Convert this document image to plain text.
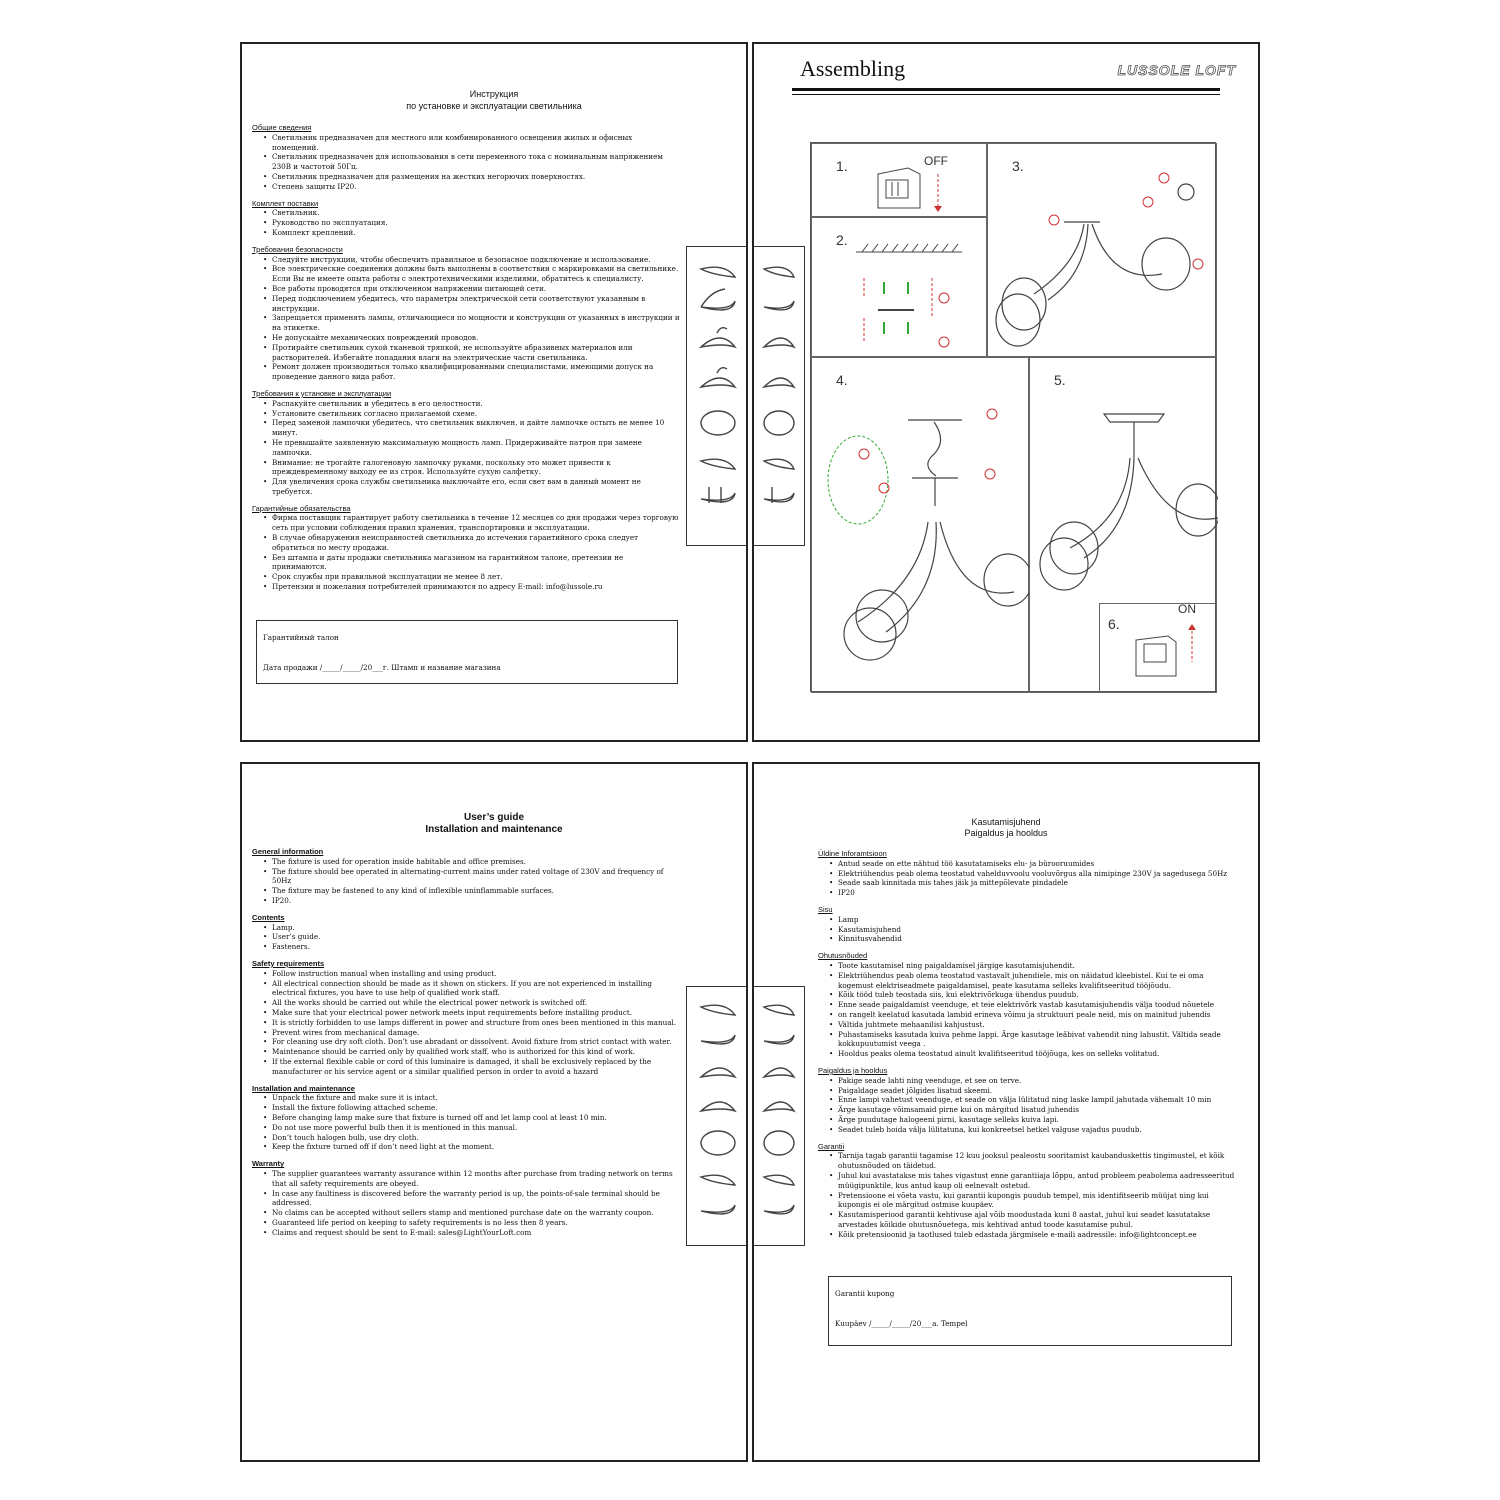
Инструкция
по установке и эксплуатации светильника
Общие сведения
• Светильник предназначен для местного или комбинированного освещения жилых и офисных помещений.
• Светильник предназначен для использования в сети переменного тока с номинальным напряжением 230В и частотой 50Гц.
• Светильник предназначен для размещения на жестких негорючих поверхностях.
• Степень защиты IP20.
Комплект поставки
• Светильник.
• Руководство по эксплуатация.
• Комплект креплений.
Требования безопасности
• Следуйте инструкции, чтобы обеспечить правильное и безопасное подключение и использование.
• Все электрические соединения должны быть выполнены в соответствии с маркировками на светильнике. Если Вы не имеете опыта работы с электротехническими изделиями, обратитесь к специалисту.
• Все работы проводятся при отключенном напряжении питающей сети.
• Перед подключением убедитесь, что параметры электрической сети соответствуют указанным в инструкции.
• Запрещается применять лампы, отличающиеся по мощности и конструкции от указанных в инструкции и на этикетке.
• Не допускайте механических повреждений проводов.
• Протирайте светильник сухой тканевой тряпкой, не используйте абразивных материалов или растворителей. Избегайте попадания влаги на электрические части светильника.
• Ремонт должен производиться только квалифицированными специалистами, имеющими допуск на проведение данного вида работ.
Требования к установке и эксплуатации
• Распакуйте светильник и убедитесь в его целостности.
• Установите светильник согласно прилагаемой схеме.
• Перед заменой лампочки убедитесь, что светильник выключен, и дайте лампочке остыть не менее 10 минут.
• Не превышайте заявленную максимальную мощность ламп. Придерживайте патрон при замене лампочки.
• Внимание: не трогайте галогеновую лампочку руками, поскольку это может привести к преждевременному выходу ее из строя. Используйте сухую салфетку.
• Для увеличения срока службы светильника выключайте его, если свет вам в данный момент не требуется.
Гарантийные обязательства
• Фирма поставщик гарантирует работу светильника в течение 12 месяцев со дня продажи через торговую сеть при условии соблюдения правил хранения, транспортировки и эксплуатации.
• В случае обнаружения неисправностей светильника до истечения гарантийного срока следует обратиться по месту продажи.
• Без штампа и даты продажи светильника магазином на гарантийном талоне, претензии не принимаются.
• Срок службы при правильной эксплуатации не менее 8 лет.
• Претензии и пожелания потребителей принимаются по адресу E-mail: info@lussole.ru
Гарантийный талон
Дата продажи /_____/_____/20___г. Штамп и название магазина
Assembling	LUSSOLE LOFT
1.	OFF
2.
3.
4.	5.
6.
ON
User’s guide
Installation and maintenance
General information
• The fixture is used for operation inside habitable and office premises.
• The fixture should bee operated in alternating-current mains under rated voltage of 230V and frequency of 50Hz
• The fixture may be fastened to any kind of inflexible uninflammable surfaces.
• IP20.
Contents
• Lamp.
• User’s guide.
• Fasteners.
Safety requirements
• Follow instruction manual when installing and using product.
• All electrical connection should be made as it shown on stickers. If you are not experienced in installing electrical fixtures, you have to use help of qualified work staff.
• All the works should be carried out while the electrical power network is switched off.
• Make sure that your electrical power network meets input requirements before installing product.
• It is strictly forbidden to use lamps different in power and structure from ones been mentioned in this manual.
• Prevent wires from mechanical damage.
• For cleaning use dry soft cloth. Don’t use abradant or dissolvent. Avoid fixture from strict contact with water.
• Maintenance should be carried only by qualified work staff, who is authorized for this kind of work.
• If the external flexible cable or cord of this luminaire is damaged, it shall be exclusively replaced by the manufacturer or his service agent or a similar qualified person in order to avoid a hazard
Installation and maintenance
• Unpack the fixture and make sure it is intact.
• Install the fixture following attached scheme.
• Before changing lamp make sure that fixture is turned off and let lamp cool at least 10 min.
• Do not use more powerful bulb then it is mentioned in this manual.
• Don’t touch halogen bulb, use dry cloth.
• Keep the fixture turned off if don’t need light at the moment.
Warranty
• The supplier guarantees warranty assurance within 12 months after purchase from trading network on terms that all safety requirements are obeyed.
• In case any faultiness is discovered before the warranty period is up, the points-of-sale terminal should be addressed.
• No claims can be accepted without sellers stamp and mentioned purchase date on the warranty coupon.
• Guaranteed life period on keeping to safety requirements is no less then 8 years.
• Claims and request should be sent to E-mail: sales@LightYourLoft.com
Kasutamisjuhend
Paigaldus ja hooldus
Üldine Inforamtsioon
• Antud seade on ette nähtud töö kasutatamiseks elu- ja bürooruumides
• Elektriühendus peab olema teostatud vahelduvvoolu vooluvõrgus alla nimipinge 230V ja sagedusega 50Hz
• Seade saab kinnitada mis tahes jäik ja mittepõlevate pindadele
• IP20
Sisu
• Lamp
• Kasutamisjuhend
• Kinnitusvahendid
Ohutusnõuded
• Toote kasutamisel ning paigaldamisel järgige kasutamisjuhendit.
• Elektriühendus peab olema teostatud vastavalt juhendiele, mis on näidatud kleebistel. Kui te ei oma kogemust elektriseadmete paigaldamisel, peate kasutama selleks kvalifitseeritud tööjõudu.
• Kõik tööd tuleb teostada siis, kui elektrivõrkuga ühendus puudub.
• Enne seade paigaldamist veenduge, et teie elektrivõrk vastab kasutamisjuhendis välja toodud nõuetele
• on rangelt keelatud kasutada lambid erineva võimu ja struktuuri peale neid, mis on mainitud juhendis
• Vältida juhtmete mehaanilisi kahjustust.
• Puhastamiseks kasutada kuiva pehme lappi. Ärge kasutage lea̋bivat vahendit ning lahustit. Vältida seade kokkupuutumist veega .
• Hooldus peaks olema teostatud ainult kvalifitseeritud tööjõuga, kes on selleks volitatud.
Paigaldus ja hooldus
• Pakige seade lahti ning veenduge, et see on terve.
• Paigaldage seadet jõlgides lisatud skeemi.
• Enne lampi vahetust veenduge, et seade on välja lülitatud ning laske lampil jahutada vähemalt 10 min
• Ärge kasutage võimsamaid pirne kui on märgitud lisatud juhendis
• Ärge puudutage halogeeni pirni, kasutage selleks kuiva lapi.
• Seadet tuleb hoida välja lülitatuna, kui konkreetsel hetkel valguse vajadus puudub.
Garantii
• Tarnija tagab garantii tagamise 12 kuu jooksul pealeostu sooritamist kaubanduskettis tingimustel, et kõik ohutusnõuded on täidetud.
• Juhul kui avastatakse mis tahes vigastust enne garantiiaja lõppu, antud probleem peabolema aadresseeritud müügipunktile, kus antud kaup oli eelnevalt ostetud.
• Pretensioone ei võeta vastu, kui garantii kupongis puudub tempel, mis identifitseerib müüjat ning kui kupongis ei ole märgitud ostmise kuupäev.
• Kasutamisperiood garantii kehtivuse ajal võib moodustada kuni 8 aastat, juhul kui seadet kasutatakse arvestades kõikide ohutusnõuetega, mis kehtivad antud toode kasutamise puhul.
• Kõik pretensioonid ja taotlused tuleb edastada järgmisele e-maili aadressile: info@lightconcept.ee
Garantii kupong
Kuupäev /_____/_____/20___a. Tempel
